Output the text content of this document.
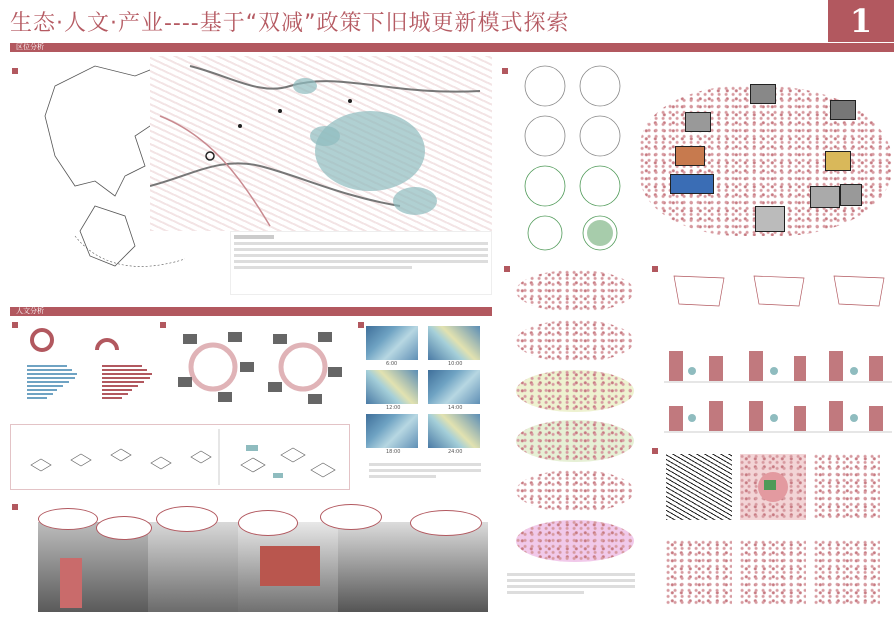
生态·人文·产业----基于“双减”政策下旧城更新模式探索	1
区位分析
人文分析
6:00	10:00
12:00	14:00
18:00	24:00
